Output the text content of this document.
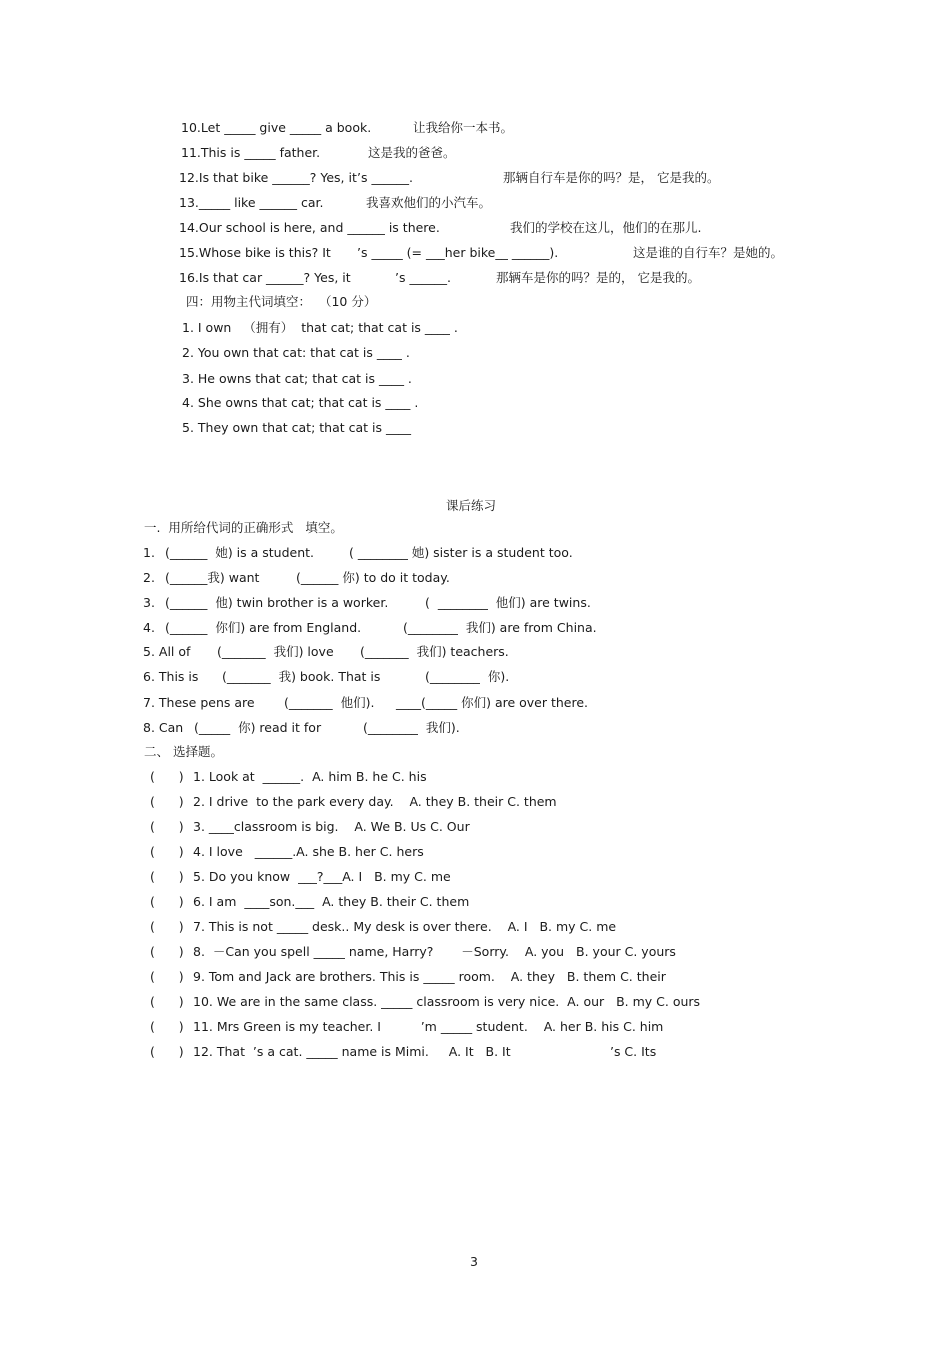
10.Let _____ give _____ a book.	让我给你一本书。
11.This is _____ father.	这是我的爸爸。
12.Is that bike ______? Yes, it ’s ______.	那辆自行车是你的吗？是， 它是我的。
13._____ like ______ car.	我喜欢他们的小汽车。
14.Our school is here, and ______ is there.	我们的学校在这儿，他们的在那儿.
15.Whose bike is this? It ’s _____ (= ___her bike__ ______).	这是谁的自行车？是她的。
16.Is that car ______? Yes, it	’s ______.	那辆车是你的吗？是的， 它是我的。
四：用物主代词填空：  （10 分）
1. I own   （拥有）  that cat; that cat is ____ .
2. You own that cat: that cat is ____ .
3. He owns that cat; that cat is ____ .
4. She owns that cat; that cat is ____ .
5. They own that cat; that cat is ____
课后练习
一.  用所给代词的正确形式   填空。
1. (______  她) is a student.	( ________ 她) sister is a student too.
2. (______我) want	(______ 你) to do it today.
3. (______  他) twin brother is a worker.	(  ________  他们) are twins.
4. (______  你们) are from England.	(________  我们) are from China.
5. All of (_______  我们) love (_______  我们) teachers.
6. This is (_______  我) book. That is	(________  你).
7. These pens are (_______  他们). ____(_____ 你们) are over there.
8. Can (_____  你) read it for	(________  我们).
二、 选择题。
(      ) 1. Look at  ______.  A. him B. he C. his
(      ) 2. I drive  to the park every day.    A. they B. their C. them
(      ) 3. ____classroom is big.    A. We B. Us C. Our
(      ) 4. I love   ______.A. she B. her C. hers
(      ) 5. Do you know  ___?___A. I   B. my C. me
(      ) 6. I am  ____son.___  A. they B. their C. them
(      ) 7. This is not _____ desk.. My desk is over there.    A. I   B. my C. me
(      ) 8.  －Can you spell _____ name, Harry?       －Sorry.    A. you   B. your C. yours
(      ) 9. Tom and Jack are brothers. This is _____ room.    A. they   B. them C. their
(      ) 10. We are in the same class. _____ classroom is very nice.  A. our   B. my C. ours
(      ) 11. Mrs Green is my teacher. I          ’m _____ student.    A. her B. his C. him
(      ) 12. That  ’s a cat. _____ name is Mimi.     A. It   B. It                         ’s C. Its
3
